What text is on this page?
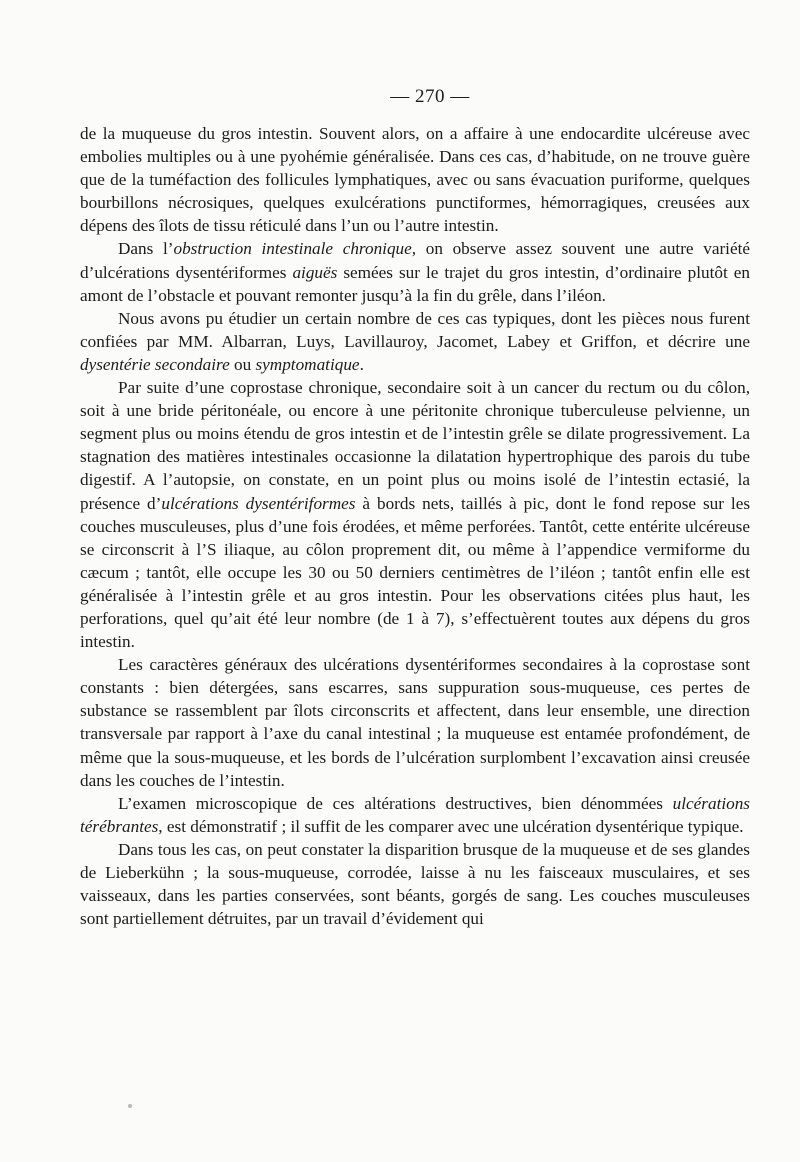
— 270 —

de la muqueuse du gros intestin. Souvent alors, on a affaire à une endocardite ulcéreuse avec embolies multiples ou à une pyohémie généralisée. Dans ces cas, d’habitude, on ne trouve guère que de la tuméfaction des follicules lymphatiques, avec ou sans évacuation puriforme, quelques bourbillons nécrosiques, quelques exulcérations punctiformes, hémorragiques, creusées aux dépens des îlots de tissu réticulé dans l’un ou l’autre intestin.

Dans l’obstruction intestinale chronique, on observe assez souvent une autre variété d’ulcérations dysentériformes aiguës semées sur le trajet du gros intestin, d’ordinaire plutôt en amont de l’obstacle et pouvant remonter jusqu’à la fin du grêle, dans l’iléon.

Nous avons pu étudier un certain nombre de ces cas typiques, dont les pièces nous furent confiées par MM. Albarran, Luys, Lavillauroy, Jacomet, Labey et Griffon, et décrire une dysentérie secondaire ou symptomatique.

Par suite d’une coprostase chronique, secondaire soit à un cancer du rectum ou du côlon, soit à une bride péritonéale, ou encore à une péritonite chronique tuberculeuse pelvienne, un segment plus ou moins étendu de gros intestin et de l’intestin grêle se dilate progressivement. La stagnation des matières intestinales occasionne la dilatation hypertrophique des parois du tube digestif. A l’autopsie, on constate, en un point plus ou moins isolé de l’intestin ectasié, la présence d’ulcérations dysentériformes à bords nets, taillés à pic, dont le fond repose sur les couches musculeuses, plus d’une fois érodées, et même perforées. Tantôt, cette entérite ulcéreuse se circonscrit à l’S iliaque, au côlon proprement dit, ou même à l’appendice vermiforme du cæcum ; tantôt, elle occupe les 30 ou 50 derniers centimètres de l’iléon ; tantôt enfin elle est généralisée à l’intestin grêle et au gros intestin. Pour les observations citées plus haut, les perforations, quel qu’ait été leur nombre (de 1 à 7), s’effectuèrent toutes aux dépens du gros intestin.

Les caractères généraux des ulcérations dysentériformes secondaires à la coprostase sont constants : bien détergées, sans escarres, sans suppuration sous-muqueuse, ces pertes de substance se rassemblent par îlots circonscrits et affectent, dans leur ensemble, une direction transversale par rapport à l’axe du canal intestinal ; la muqueuse est entamée profondément, de même que la sous-muqueuse, et les bords de l’ulcération surplombent l’excavation ainsi creusée dans les couches de l’intestin.

L’examen microscopique de ces altérations destructives, bien dénommées ulcérations térébrantes, est démonstratif ; il suffit de les comparer avec une ulcération dysentérique typique.

Dans tous les cas, on peut constater la disparition brusque de la muqueuse et de ses glandes de Lieberkühn ; la sous-muqueuse, corrodée, laisse à nu les faisceaux musculaires, et ses vaisseaux, dans les parties conservées, sont béants, gorgés de sang. Les couches musculeuses sont partiellement détruites, par un travail d’évidement qui
